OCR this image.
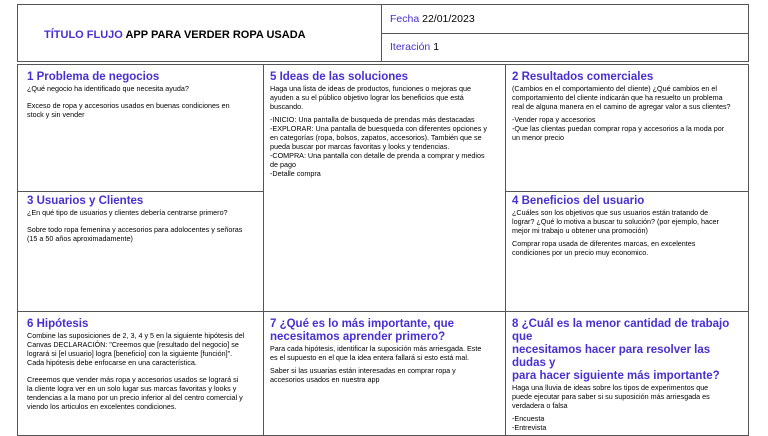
TÍTULO FLUJO APP PARA VERDER ROPA USADA
Fecha 22/01/2023
Iteración 1

1 Problema de negocios

¿Qué negocio ha identificado que necesita ayuda?

Exceso de ropa y accesorios usados en buenas condiciones en
stock y sin vender

3 Usuarios y Clientes

¿En qué tipo de usuarios y clientes debería centrarse primero?

Sobre todo ropa femenina y accesorios para adolocentes y señoras
(15 a 50 años aproximadamente)

5 Ideas de las soluciones

Haga una lista de ideas de productos, funciones o mejoras que
ayuden a su el público objetivo lograr los beneficios que está
buscando.

-INICIO: Una pantalla de busqueda de prendas más destacadas
-EXPLORAR: Una pantalla de buesqueda con diferentes opciones y
en categorías (ropa, bolsos, zapatos, accesorios). También que se
pueda buscar por marcas favoritas y looks y tendencias.
-COMPRA: Una pantalla con detalle de prenda a comprar y medios
de pago
-Detalle compra

2 Resultados comerciales

(Cambios en el comportamiento del cliente) ¿Qué cambios en el
comportamiento del cliente indicarán que ha resuelto un problema
real de alguna manera en el camino de agregar valor a sus clientes?

-Vender ropa y accesorios
-Que las clientas puedan comprar ropa y accesorios a la moda por
un menor precio

4 Beneficios del usuario

¿Cuáles son los objetivos que sus usuarios están tratando de
lograr? ¿Qué lo motiva a buscar tu solución? (por ejemplo, hacer
mejor mi trabajo u obtener una promoción)

Comprar ropa usada de diferentes marcas, en excelentes
condiciones por un precio muy economico.

6 Hipótesis

Combine las suposiciones de 2, 3, 4 y 5 en la siguiente hipótesis del
Canvas DECLARACIÓN: "Creemos que [resultado del negocio] se
logrará si [el usuario] logra [beneficio] con la siguiente [función]".
Cada hipótesis debe enfocarse en una característica.

Creeemos que vender más ropa y accesorios usados se logrará si
la cliente logra ver en un solo lugar sus marcas favoritas y looks y
tendencias a la mano por un precio inferior al del centro comercial y
viendo los articulos en excelentes condiciones.

7 ¿Qué es lo más importante, que
necesitamos aprender primero?

Para cada hipótesis, identificar la suposición más arriesgada. Este
es el supuesto en el que la idea entera fallará si esto está mal.

Saber si las usuarias están interesadas en comprar ropa y
accesorios usados en nuestra app

8 ¿Cuál es la menor cantidad de trabajo que
necesitamos hacer para resolver las dudas y
para hacer siguiente más importante?

Haga una lluvia de ideas sobre los tipos de experimentos que
puede ejecutar para saber si su suposición más arriesgada es
verdadera o falsa

-Encuesta
-Entrevista
